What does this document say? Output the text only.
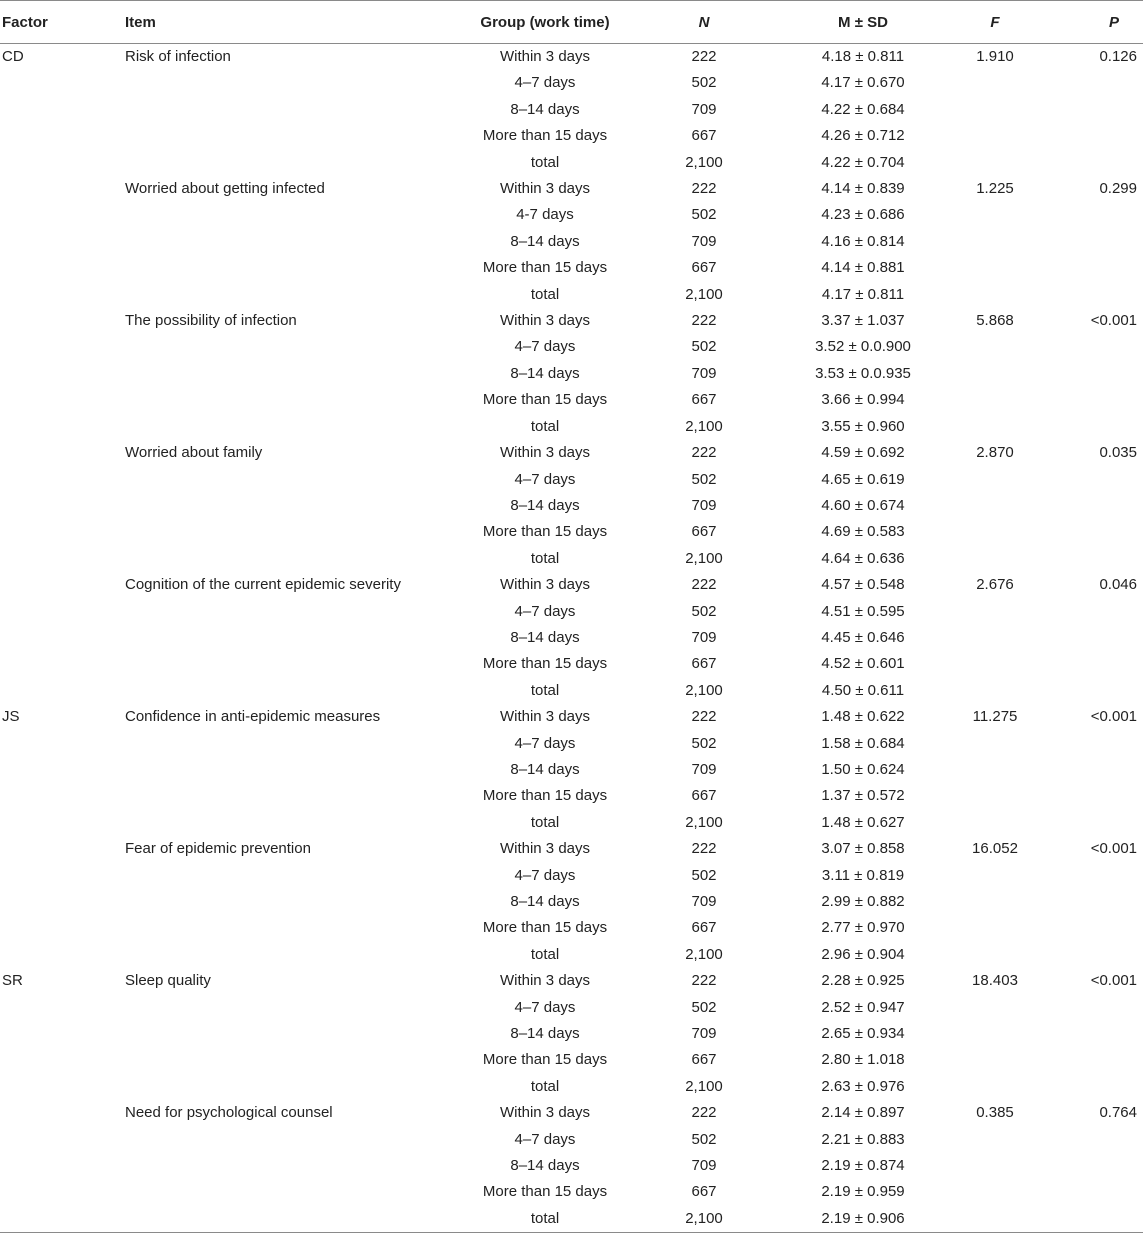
Factor	Item	Group (work time)	N	M ± SD	F	P
CD	Risk of infection	Within 3 days	222	4.18 ± 0.811	1.910	0.126
		4–7 days	502	4.17 ± 0.670		
		8–14 days	709	4.22 ± 0.684		
		More than 15 days	667	4.26 ± 0.712		
		total	2,100	4.22 ± 0.704		
	Worried about getting infected	Within 3 days	222	4.14 ± 0.839	1.225	0.299
		4-7 days	502	4.23 ± 0.686		
		8–14 days	709	4.16 ± 0.814		
		More than 15 days	667	4.14 ± 0.881		
		total	2,100	4.17 ± 0.811		
	The possibility of infection	Within 3 days	222	3.37 ± 1.037	5.868	<0.001
		4–7 days	502	3.52 ± 0.0.900		
		8–14 days	709	3.53 ± 0.0.935		
		More than 15 days	667	3.66 ± 0.994		
		total	2,100	3.55 ± 0.960		
	Worried about family	Within 3 days	222	4.59 ± 0.692	2.870	0.035
		4–7 days	502	4.65 ± 0.619		
		8–14 days	709	4.60 ± 0.674		
		More than 15 days	667	4.69 ± 0.583		
		total	2,100	4.64 ± 0.636		
	Cognition of the current epidemic severity	Within 3 days	222	4.57 ± 0.548	2.676	0.046
		4–7 days	502	4.51 ± 0.595		
		8–14 days	709	4.45 ± 0.646		
		More than 15 days	667	4.52 ± 0.601		
		total	2,100	4.50 ± 0.611		
JS	Confidence in anti-epidemic measures	Within 3 days	222	1.48 ± 0.622	11.275	<0.001
		4–7 days	502	1.58 ± 0.684		
		8–14 days	709	1.50 ± 0.624		
		More than 15 days	667	1.37 ± 0.572		
		total	2,100	1.48 ± 0.627		
	Fear of epidemic prevention	Within 3 days	222	3.07 ± 0.858	16.052	<0.001
		4–7 days	502	3.11 ± 0.819		
		8–14 days	709	2.99 ± 0.882		
		More than 15 days	667	2.77 ± 0.970		
		total	2,100	2.96 ± 0.904		
SR	Sleep quality	Within 3 days	222	2.28 ± 0.925	18.403	<0.001
		4–7 days	502	2.52 ± 0.947		
		8–14 days	709	2.65 ± 0.934		
		More than 15 days	667	2.80 ± 1.018		
		total	2,100	2.63 ± 0.976		
	Need for psychological counsel	Within 3 days	222	2.14 ± 0.897	0.385	0.764
		4–7 days	502	2.21 ± 0.883		
		8–14 days	709	2.19 ± 0.874		
		More than 15 days	667	2.19 ± 0.959		
		total	2,100	2.19 ± 0.906		
